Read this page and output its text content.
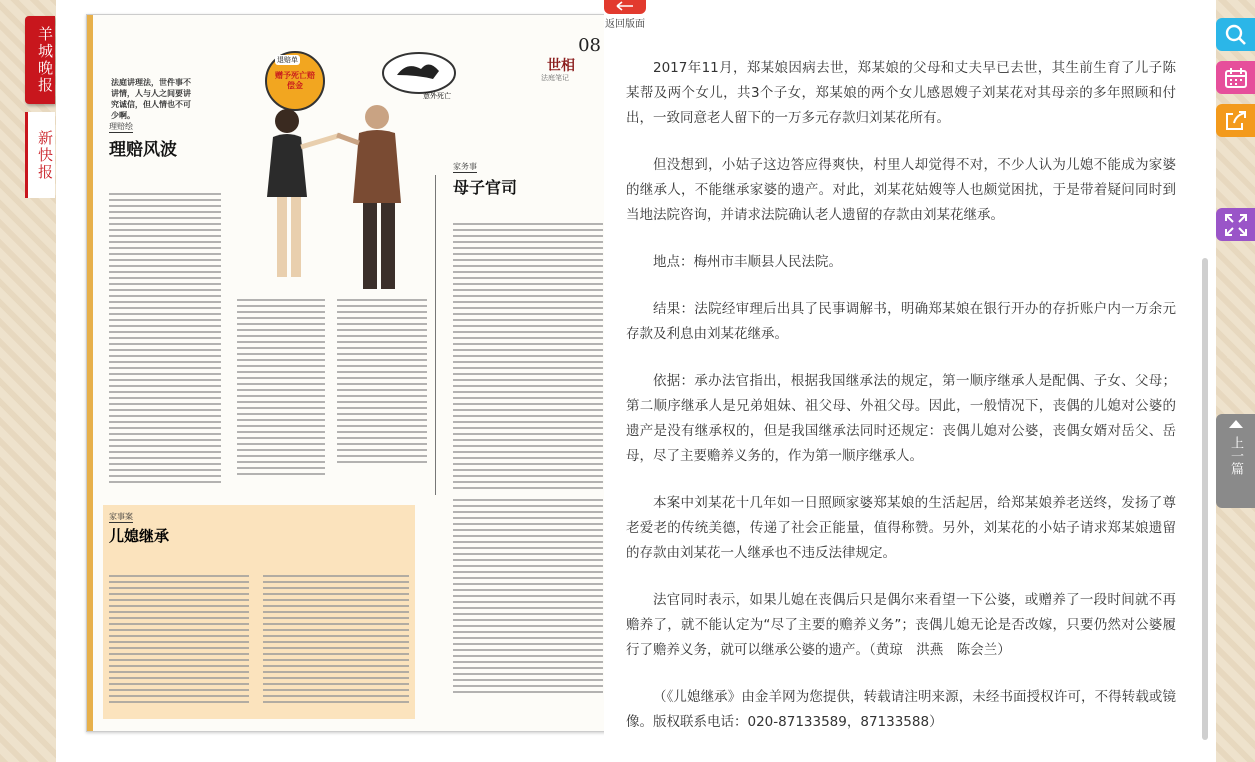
羊城晚报
新快报
08
世相
法庭笔记
法庭讲理法，世件事不讲情，人与人之间要讲究诚信，但人情也不可少啊。
理赔绘
理赔风波
退赔单
赠予死亡赔偿金
意外死亡
家务事
母子官司
家事案
儿媳继承
返回版面

2017年11月，郑某娘因病去世，郑某娘的父母和丈夫早已去世，其生前生育了儿子陈某帮及两个女儿，共3个子女，郑某娘的两个女儿感恩嫂子刘某花对其母亲的多年照顾和付出，一致同意老人留下的一万多元存款归刘某花所有。

但没想到，小姑子这边答应得爽快，村里人却觉得不对，不少人认为儿媳不能成为家婆的继承人，不能继承家婆的遗产。对此，刘某花姑嫂等人也颇觉困扰，于是带着疑问同时到当地法院咨询，并请求法院确认老人遗留的存款由刘某花继承。

地点：梅州市丰顺县人民法院。

结果：法院经审理后出具了民事调解书，明确郑某娘在银行开办的存折账户内一万余元存款及利息由刘某花继承。

依据：承办法官指出，根据我国继承法的规定，第一顺序继承人是配偶、子女、父母；第二顺序继承人是兄弟姐妹、祖父母、外祖父母。因此，一般情况下，丧偶的儿媳对公婆的遗产是没有继承权的，但是我国继承法同时还规定：丧偶儿媳对公婆，丧偶女婿对岳父、岳母，尽了主要赡养义务的，作为第一顺序继承人。

本案中刘某花十几年如一日照顾家婆郑某娘的生活起居，给郑某娘养老送终，发扬了尊老爱老的传统美德，传递了社会正能量，值得称赞。另外，刘某花的小姑子请求郑某娘遗留的存款由刘某花一人继承也不违反法律规定。

法官同时表示，如果儿媳在丧偶后只是偶尔来看望一下公婆，或赠养了一段时间就不再赡养了，就不能认定为“尽了主要的赡养义务”；丧偶儿媳无论是否改嫁，只要仍然对公婆履行了赡养义务，就可以继承公婆的遗产。（黄琼　洪燕　陈会兰）

（《儿媳继承》由金羊网为您提供，转载请注明来源，未经书面授权许可，不得转载或镜像。版权联系电话：020-87133589，87133588）

上一篇
